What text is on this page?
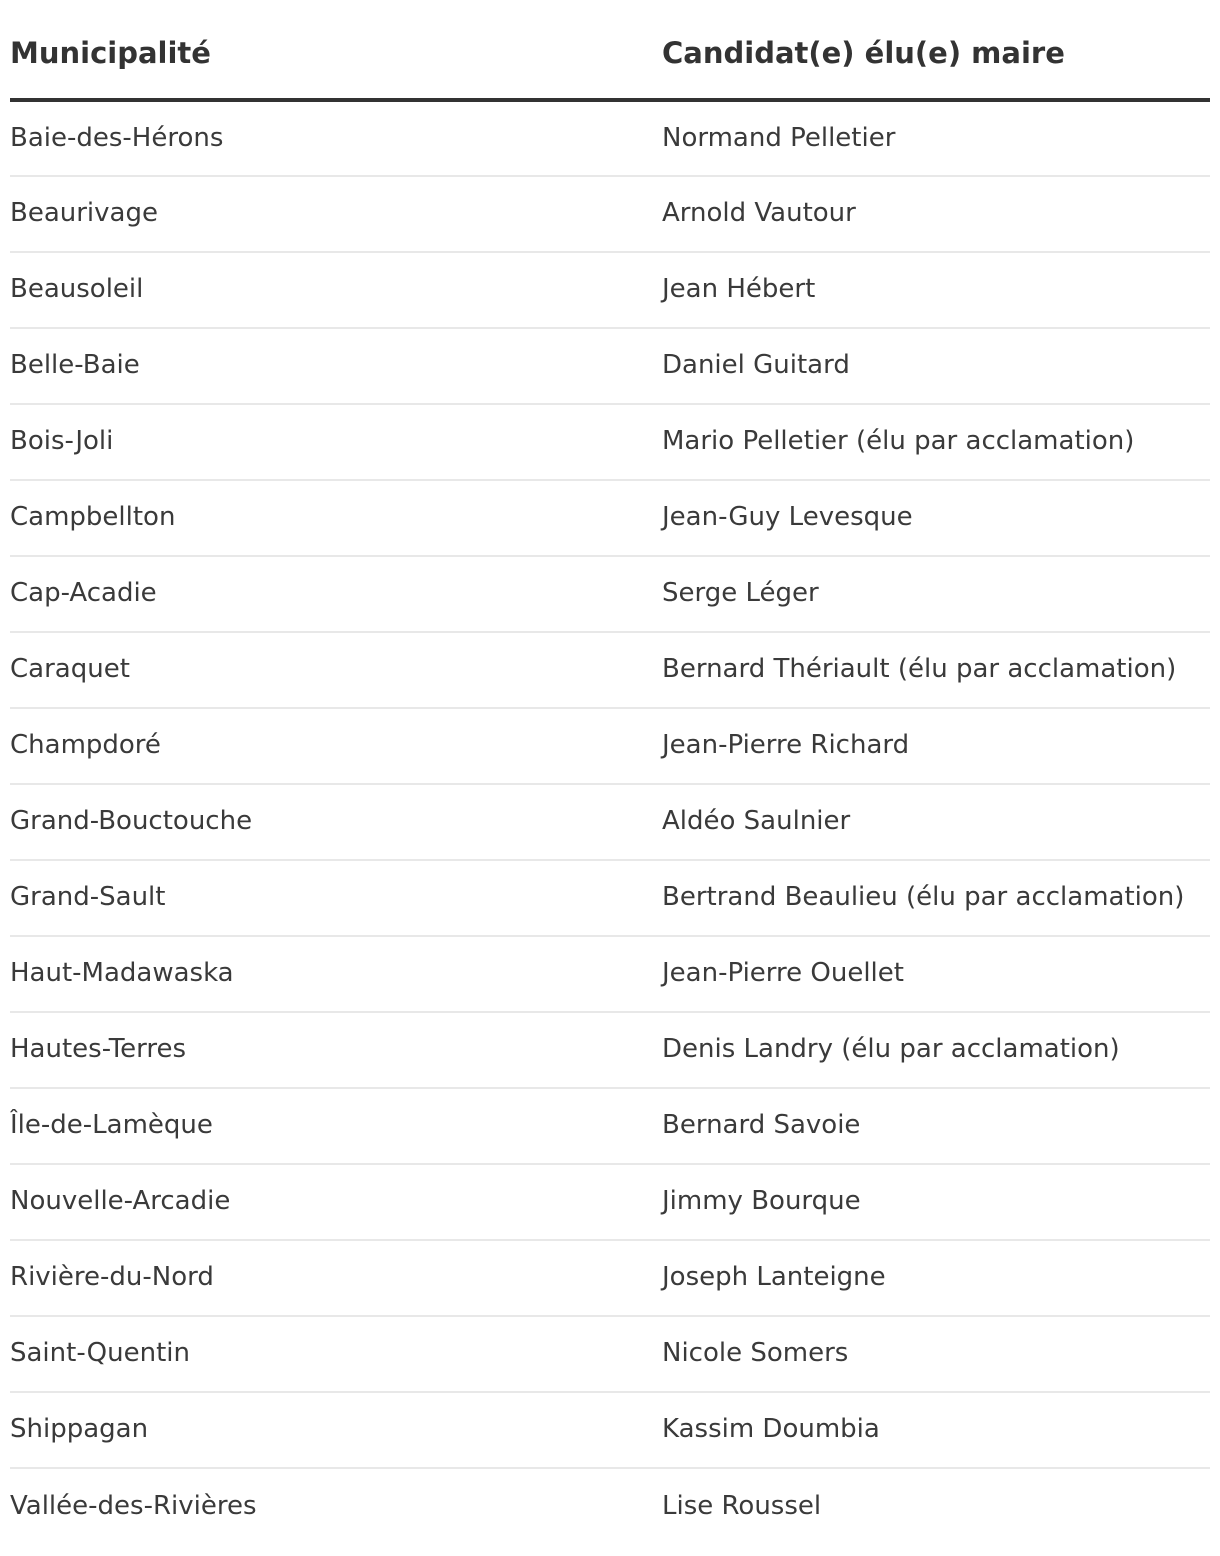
Municipalité	Candidat(e) élu(e) maire
Baie-des-Hérons	Normand Pelletier
Beaurivage	Arnold Vautour
Beausoleil	Jean Hébert
Belle-Baie	Daniel Guitard
Bois-Joli	Mario Pelletier (élu par acclamation)
Campbellton	Jean-Guy Levesque
Cap-Acadie	Serge Léger
Caraquet	Bernard Thériault (élu par acclamation)
Champdoré	Jean-Pierre Richard
Grand-Bouctouche	Aldéo Saulnier
Grand-Sault	Bertrand Beaulieu (élu par acclamation)
Haut-Madawaska	Jean-Pierre Ouellet
Hautes-Terres	Denis Landry (élu par acclamation)
Île-de-Lamèque	Bernard Savoie
Nouvelle-Arcadie	Jimmy Bourque
Rivière-du-Nord	Joseph Lanteigne
Saint-Quentin	Nicole Somers
Shippagan	Kassim Doumbia
Vallée-des-Rivières	Lise Roussel
